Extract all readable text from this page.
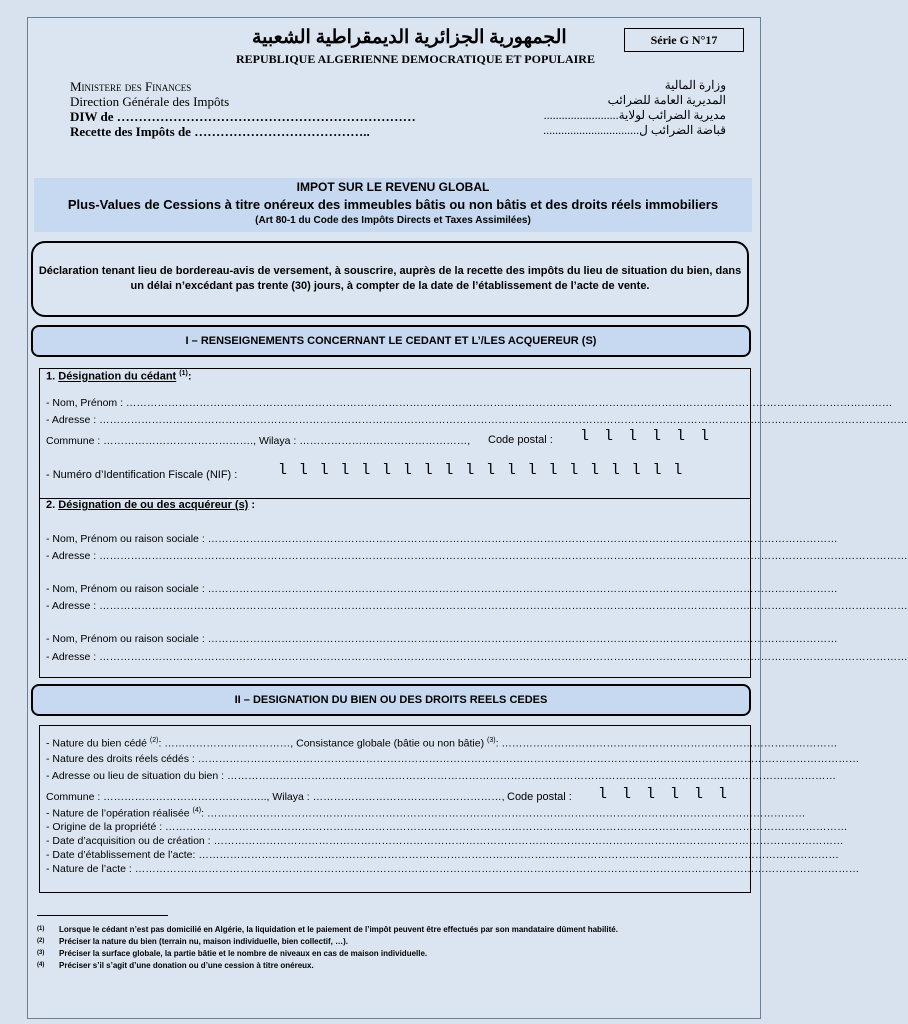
الجمهورية الجزائرية الديمقراطية الشعبية	Série G N°17
REPUBLIQUE ALGERIENNE DEMOCRATIQUE ET POPULAIRE
Ministere des Finances
Direction Générale des Impôts
DIW de ……………………………………………………………
Recette des Impôts de …………………………………..
وزارة المالية
المديرية العامة للضرائب
مديرية الضرائب لولاية.........................
قباضة الضرائب ل................................
IMPOT SUR LE REVENU GLOBAL
Plus-Values de Cessions à titre onéreux des immeubles bâtis ou non bâtis et des droits réels immobiliers
(Art 80-1 du Code des Impôts Directs et Taxes Assimilées)
Déclaration tenant lieu de bordereau-avis de versement, à souscrire, auprès de la recette des impôts du lieu de situation du bien, dans un délai n’excédant pas trente (30) jours, à compter de la date de l’établissement de l’acte de vente.
I – RENSEIGNEMENTS CONCERNANT LE CEDANT ET L’/LES ACQUEREUR (S)
1. Désignation du cédant $^{(1)}$:
- Nom, Prénom : …………………………………………………………………………………………………………………………………………………………………………………………………
- Adresse : ……………………………………………………………………………………………………………………………………………………………………………………………………………
Commune : ……………………………………., Wilaya : …………………………………………, Code postal : l l l l l l
- Numéro d’Identification Fiscale (NIF) :	l l l l l l l l l l l l l l l l l l l l
2. Désignation de ou des acquéreur (s) :
- Nom, Prénom ou raison sociale : ………………………………………………………………………………………………………………………………………………………………
- Adresse : ……………………………………………………………………………………………………………………………………………………………………………………………………………
- Nom, Prénom ou raison sociale : ………………………………………………………………………………………………………………………………………………………………
- Adresse : ……………………………………………………………………………………………………………………………………………………………………………………………………………
- Nom, Prénom ou raison sociale : ………………………………………………………………………………………………………………………………………………………………
- Adresse : ……………………………………………………………………………………………………………………………………………………………………………………………………………
II – DESIGNATION DU BIEN OU DES DROITS REELS CEDES
- Nature du bien cédé $^{(2)}$: ………………………………, Consistance globale (bâtie ou non bâtie) $^{(3)}$: ……………………………………………………………………………………
- Nature des droits réels cédés : ………………………………………………………………………………………………………………………………………………………………………
- Adresse ou lieu de situation du bien : …………………………………………………………………………………………………………………………………………………………
Commune : ……………………………………….., Wilaya : ………………………………………………, Code postal : l l l l l l
- Nature de l’opération réalisée $^{(4)}$: ………………………………………………………………………………………………………………………………………………………
- Origine de la propriété : ……………………………………………………………………………………………………………………………………………………………………………
- Date d’acquisition ou de création : ………………………………………………………………………………………………………………………………………………………………
- Date d’établissement de l’acte: …………………………………………………………………………………………………………………………………………………………………
- Nature de l’acte : ………………………………………………………………………………………………………………………………………………………………………………………
(1) Lorsque le cédant n’est pas domicilié en Algérie, la liquidation et le paiement de l’impôt peuvent être effectués par son mandataire dûment habilité.
(2) Préciser la nature du bien (terrain nu, maison individuelle, bien collectif, …).
(3) Préciser la surface globale, la partie bâtie et le nombre de niveaux en cas de maison individuelle.
(4) Préciser s’il s’agit d’une donation ou d’une cession à titre onéreux.
